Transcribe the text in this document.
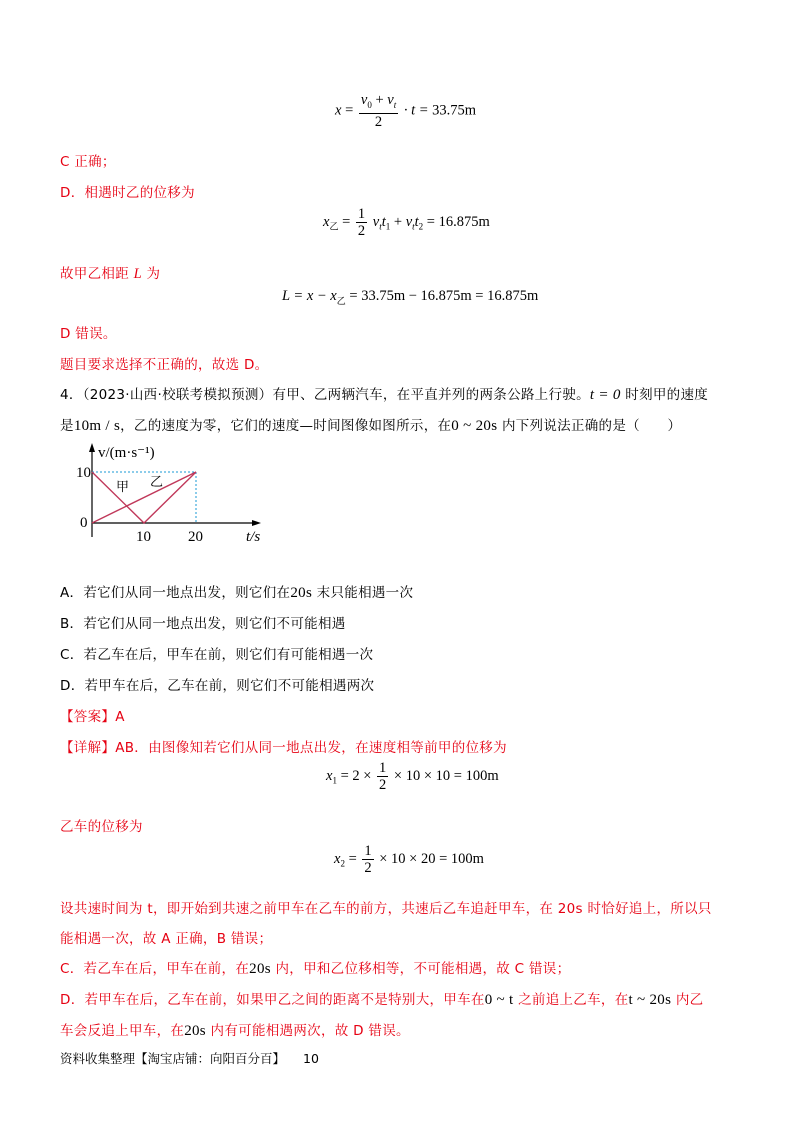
$x = \frac{v_0 + v_t}{2} \cdot t = 33.75m$
C 正确；
D．相遇时乙的位移为
$x_乙 = \frac{1}{2} v_tt_1 + v_tt_2 = 16.875m$
故甲乙相距 L 为
$L = x - x_乙 = 33.75m - 16.875m = 16.875m$
D 错误。
题目要求选择不正确的，故选 D。
4．（2023·山西·校联考模拟预测）有甲、乙两辆汽车，在平直并列的两条公路上行驶。t = 0 时刻甲的速度
是10m / s，乙的速度为零，它们的速度—时间图像如图所示，在0 ~ 20s 内下列说法正确的是（　　）
甲 乙
v/(m·s⁻¹)
t/s
10
0
10 20
A．若它们从同一地点出发，则它们在20s 末只能相遇一次
B．若它们从同一地点出发，则它们不可能相遇
C．若乙车在后，甲车在前，则它们有可能相遇一次
D．若甲车在后，乙车在前，则它们不可能相遇两次
【答案】A
【详解】AB．由图像知若它们从同一地点出发，在速度相等前甲的位移为
$x_1 = 2 \times \frac{1}{2} \times 10 \times 10 = 100m$
乙车的位移为
$x_2 = \frac{1}{2} \times 10 \times 20 = 100m$
设共速时间为 t，即开始到共速之前甲车在乙车的前方，共速后乙车追赶甲车，在 20s 时恰好追上，所以只
能相遇一次，故 A 正确，B 错误；
C．若乙车在后，甲车在前，在20s 内，甲和乙位移相等，不可能相遇，故 C 错误；
D．若甲车在后，乙车在前，如果甲乙之间的距离不是特别大，甲车在0 ~ t 之前追上乙车，在t ~ 20s 内乙
车会反追上甲车，在20s 内有可能相遇两次，故 D 错误。
资料收集整理【淘宝店铺：向阳百分百】 10
